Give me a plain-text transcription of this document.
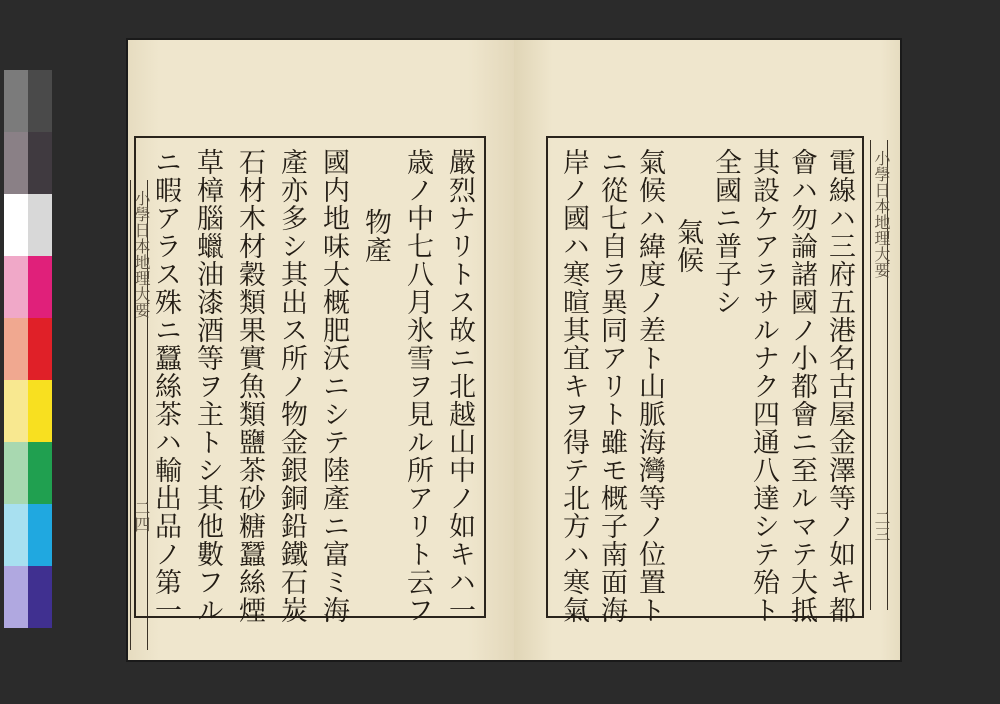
小學日本地理大要
二四	嚴烈ナリトス故ニ北越山中ノ如キハ一
歳ノ中七八月氷雪ヲ見ル所アリト云フ
物產
國内地味大概肥沃ニシテ陸產ニ富ミ海
產亦多シ其出ス所ノ物金銀銅鉛鐵石炭
石材木材穀類果實魚類鹽茶砂糖蠶絲煙
草樟腦蠟油漆酒等ヲ主トシ其他數フル
ニ暇アラス殊ニ蠶絲茶ハ輸出品ノ第一	小學日本地理大要
二三
電線ハ三府五港名古屋金澤等ノ如キ都
會ハ勿論諸國ノ小都會ニ至ルマテ大抵
其設ケアラサルナク四通八達シテ殆ト
全國ニ普子シ
氣候
氣候ハ緯度ノ差ト山脈海灣等ノ位置ト
ニ從七自ラ異同アリト雖モ概子南面海
岸ノ國ハ寒暄其宜キヲ得テ北方ハ寒氣
